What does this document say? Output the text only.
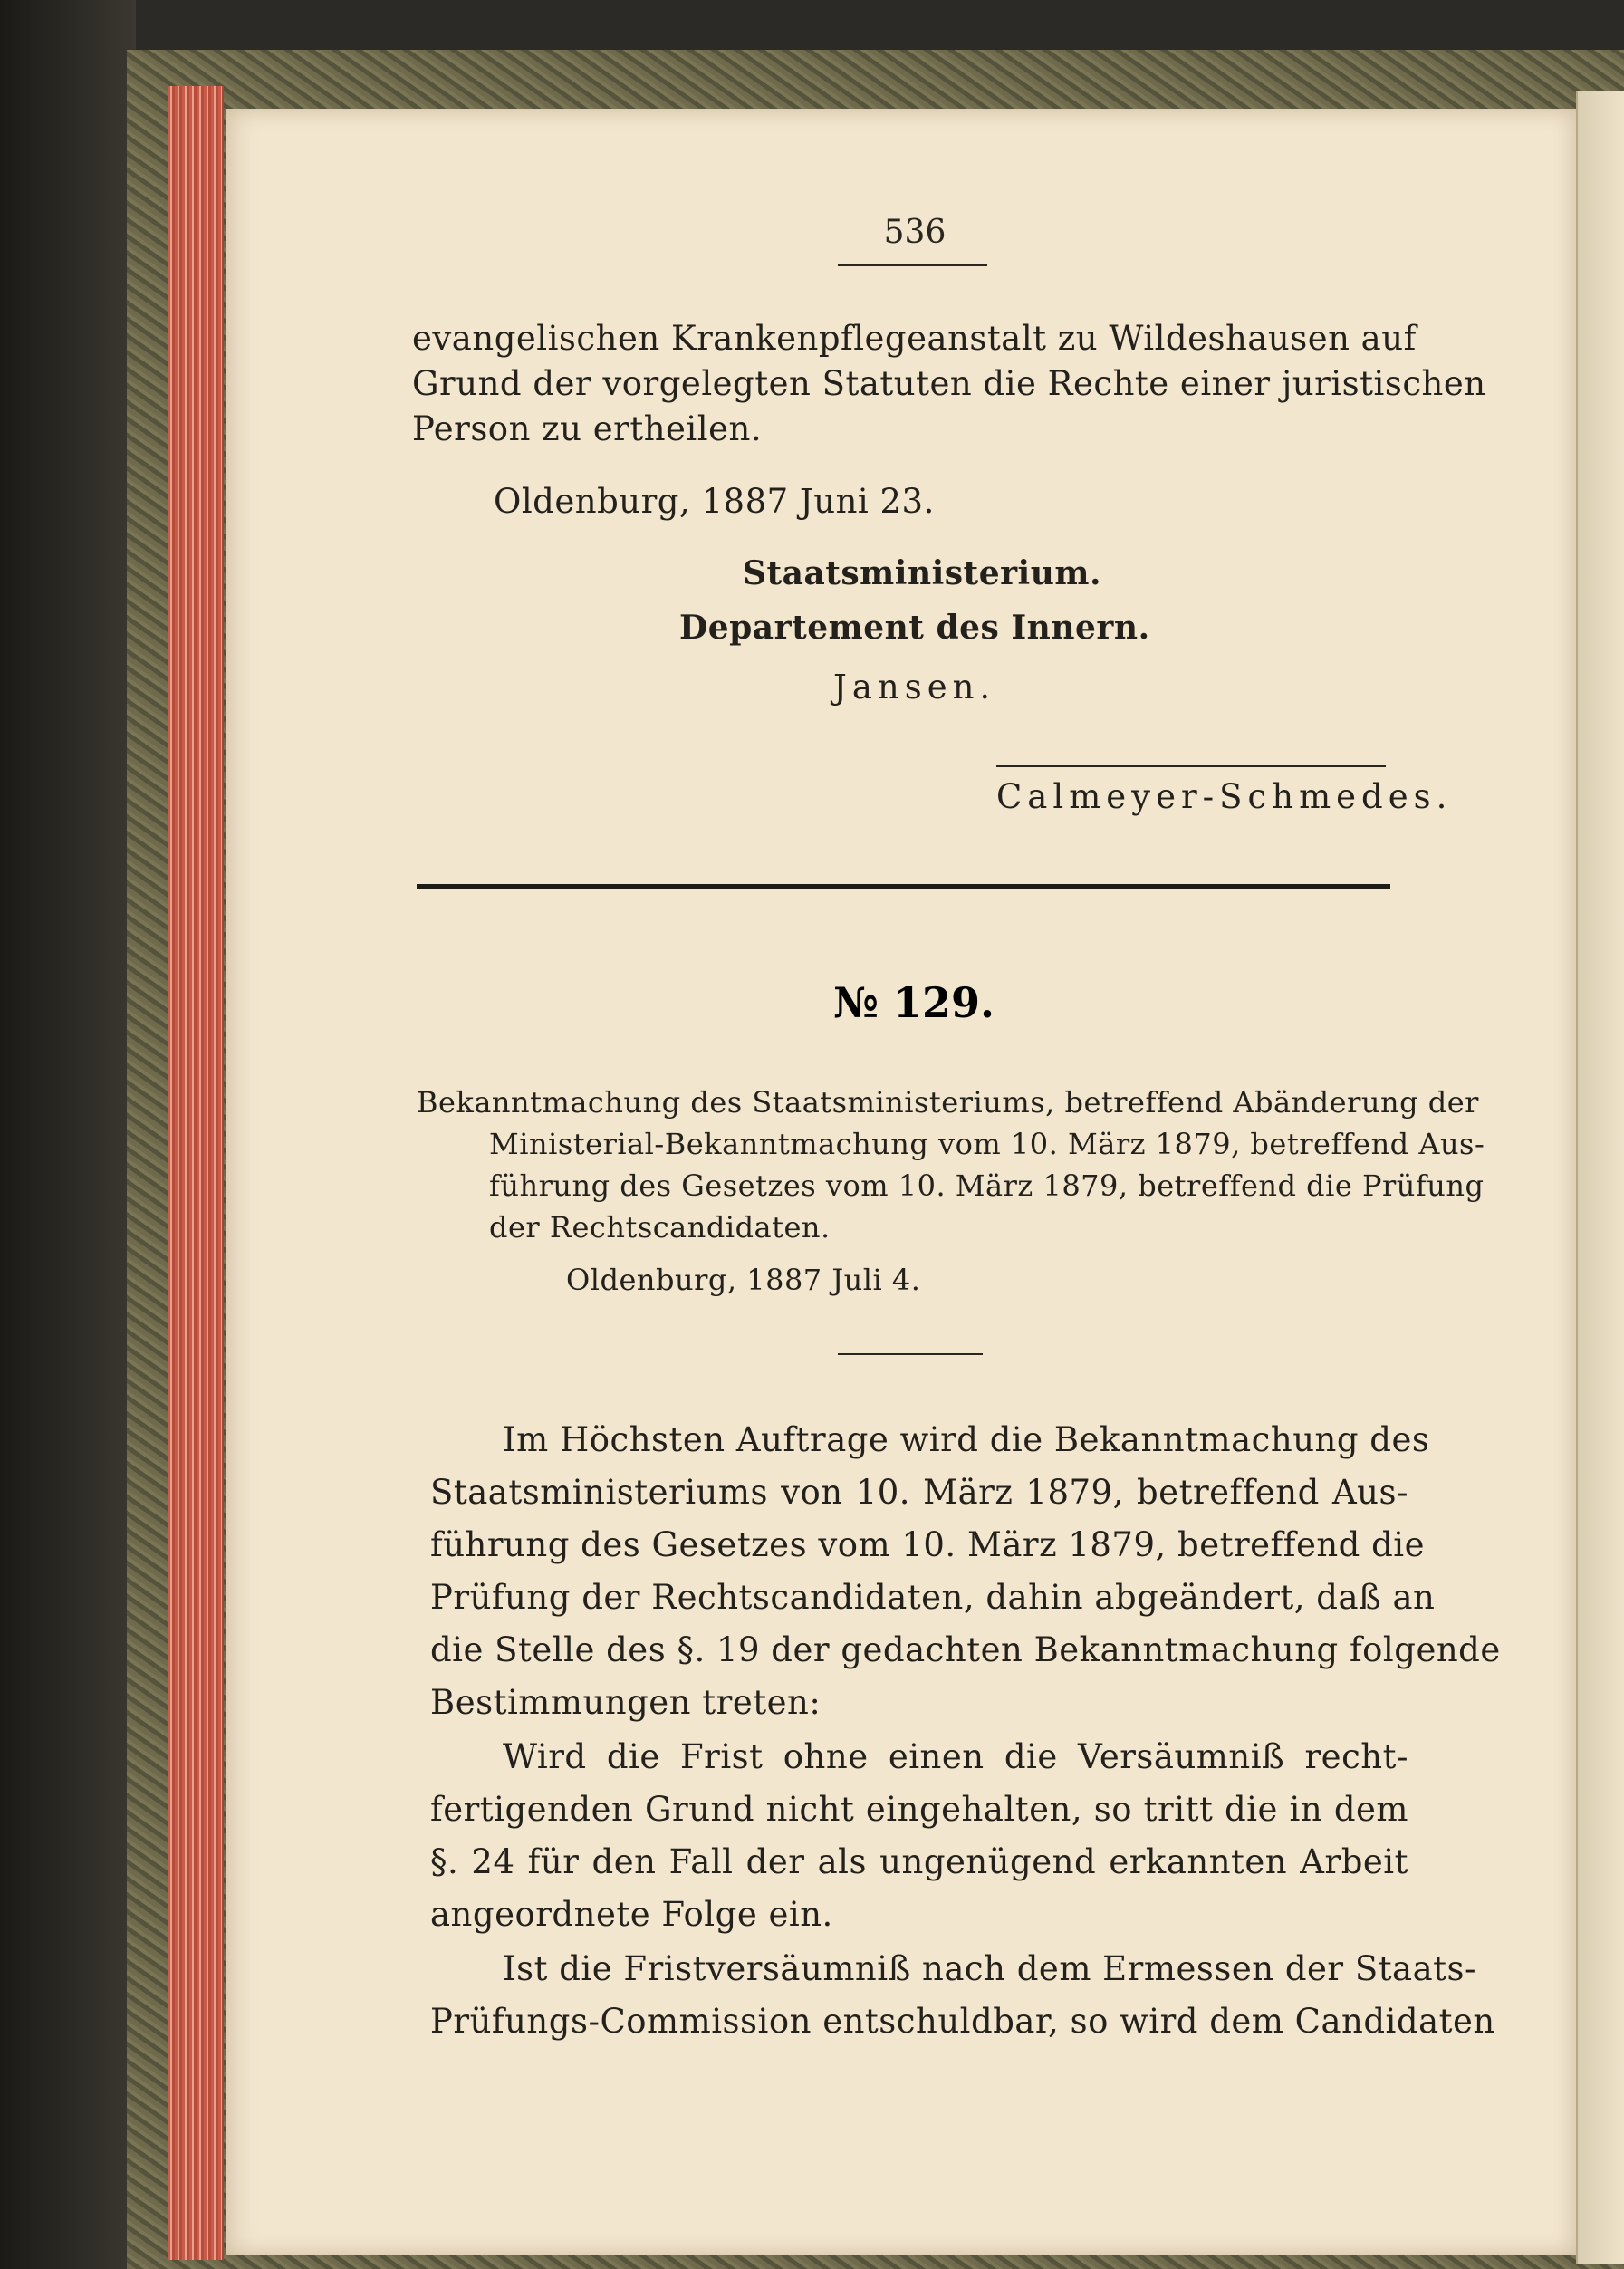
536
evangelischen Krankenpflegeanstalt zu Wildeshausen auf
Grund der vorgelegten Statuten die Rechte einer juristischen
Person zu ertheilen.
Oldenburg, 1887 Juni 23.
Staatsministerium.
Departement des Innern.
Jansen.
Calmeyer-Schmedes.
№ 129.
Bekanntmachung des Staatsministeriums, betreffend Abänderung der
Ministerial-Bekanntmachung vom 10. März 1879, betreffend Aus-
führung des Gesetzes vom 10. März 1879, betreffend die Prüfung
der Rechtscandidaten.
Oldenburg, 1887 Juli 4.
Im Höchsten Auftrage wird die Bekanntmachung des
Staatsministeriums von 10. März 1879, betreffend Aus-
führung des Gesetzes vom 10. März 1879, betreffend die
Prüfung der Rechtscandidaten, dahin abgeändert, daß an
die Stelle des §. 19 der gedachten Bekanntmachung folgende
Bestimmungen treten:
Wird die Frist ohne einen die Versäumniß recht-
fertigenden Grund nicht eingehalten, so tritt die in dem
§. 24 für den Fall der als ungenügend erkannten Arbeit
angeordnete Folge ein.
Ist die Fristversäumniß nach dem Ermessen der Staats-
Prüfungs-Commission entschuldbar, so wird dem Candidaten
